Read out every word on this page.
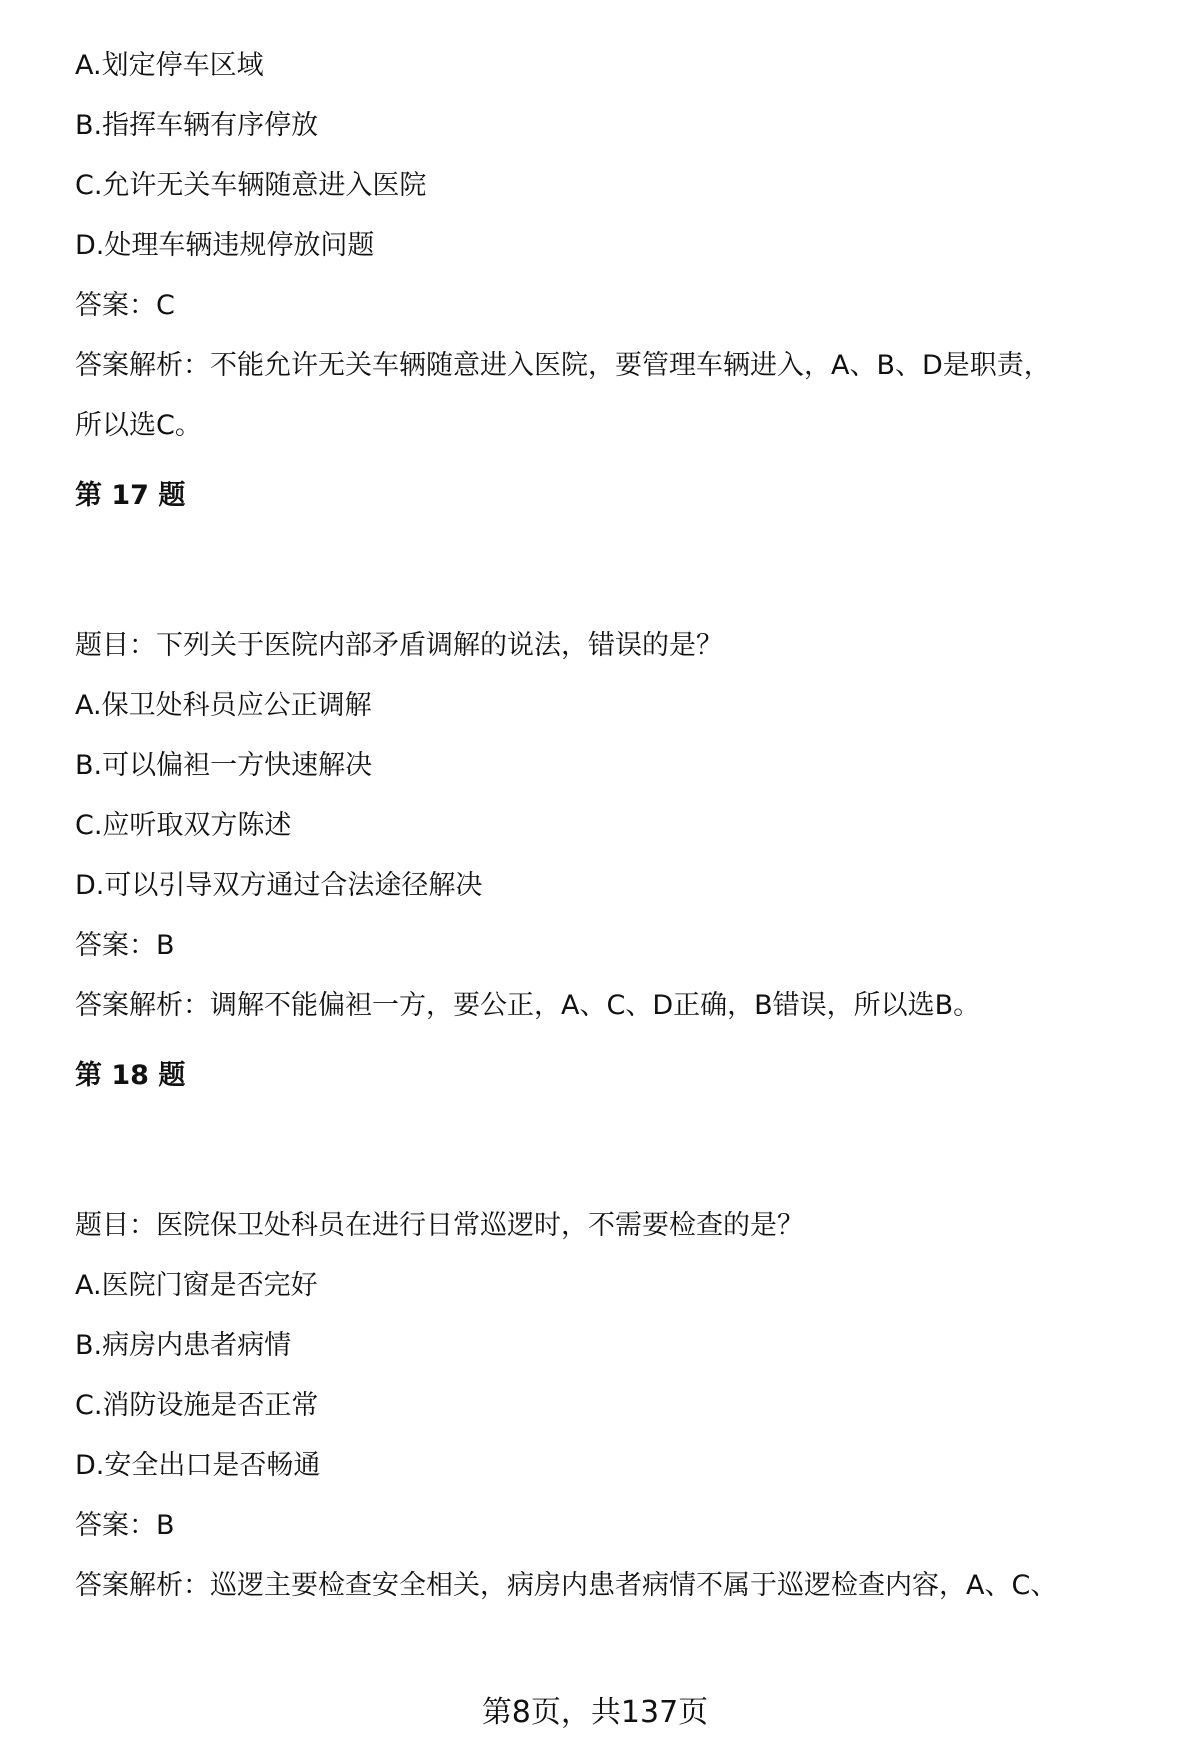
A.划定停车区域
B.指挥车辆有序停放
C.允许无关车辆随意进入医院
D.处理车辆违规停放问题
答案：C
答案解析：不能允许无关车辆随意进入医院，要管理车辆进入，A、B、D是职责，
所以选C。
第 17 题
题目：下列关于医院内部矛盾调解的说法，错误的是？
A.保卫处科员应公正调解
B.可以偏袒一方快速解决
C.应听取双方陈述
D.可以引导双方通过合法途径解决
答案：B
答案解析：调解不能偏袒一方，要公正，A、C、D正确，B错误，所以选B。
第 18 题
题目：医院保卫处科员在进行日常巡逻时，不需要检查的是？
A.医院门窗是否完好
B.病房内患者病情
C.消防设施是否正常
D.安全出口是否畅通
答案：B
答案解析：巡逻主要检查安全相关，病房内患者病情不属于巡逻检查内容，A、C、
第8页，共137页
